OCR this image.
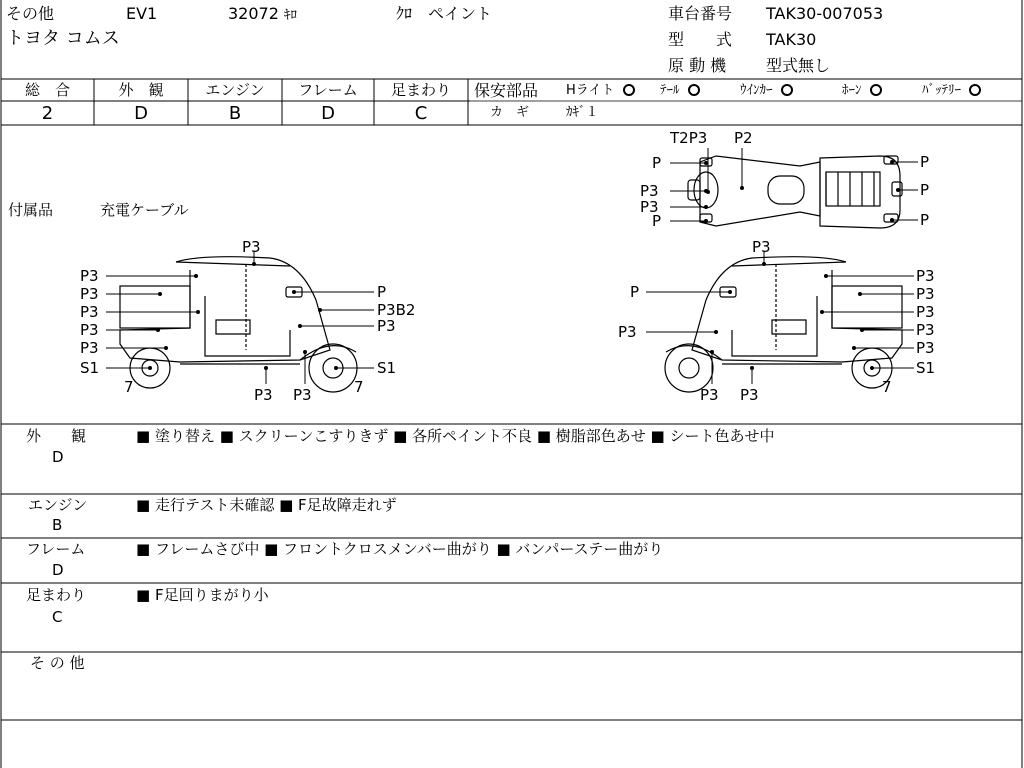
その他	EV1	32072 ｷﾛ	ｸﾛ　ペイント
トヨタ コムス
車台番号 TAK30-007053
型　　式 TAK30
原 動 機 型式無し
総　合	外　観	エンジン	フレーム	足まわり
2	D	B	D	C
保安部品 Hライト	ﾃｰﾙ	ｳｲﾝｶｰ	ﾎｰﾝ	ﾊﾞｯﾃﾘｰ
カ　ギ	ｶｷﾞ１
付属品	充電ケーブル
T2P3 P2
P
P3
P3
P
P
P
P
P3
P3
P3
P3
P3
P3
S1
7
P
P3B2
P3
S1
P3 P3	7
P3
P
P3
P3
P3
P3
P3
P3
S1
P3 P3	7
外　　観
D
■ 塗り替え ■ スクリーンこすりきず ■ 各所ペイント不良 ■ 樹脂部色あせ ■ シート色あせ中
エンジン
B
■ 走行テスト未確認 ■ F足故障走れず
フレーム
D
■ フレームさび中 ■ フロントクロスメンバー曲がり ■ バンパーステー曲がり
足まわり
C
■ F足回りまがり小
そ の 他
